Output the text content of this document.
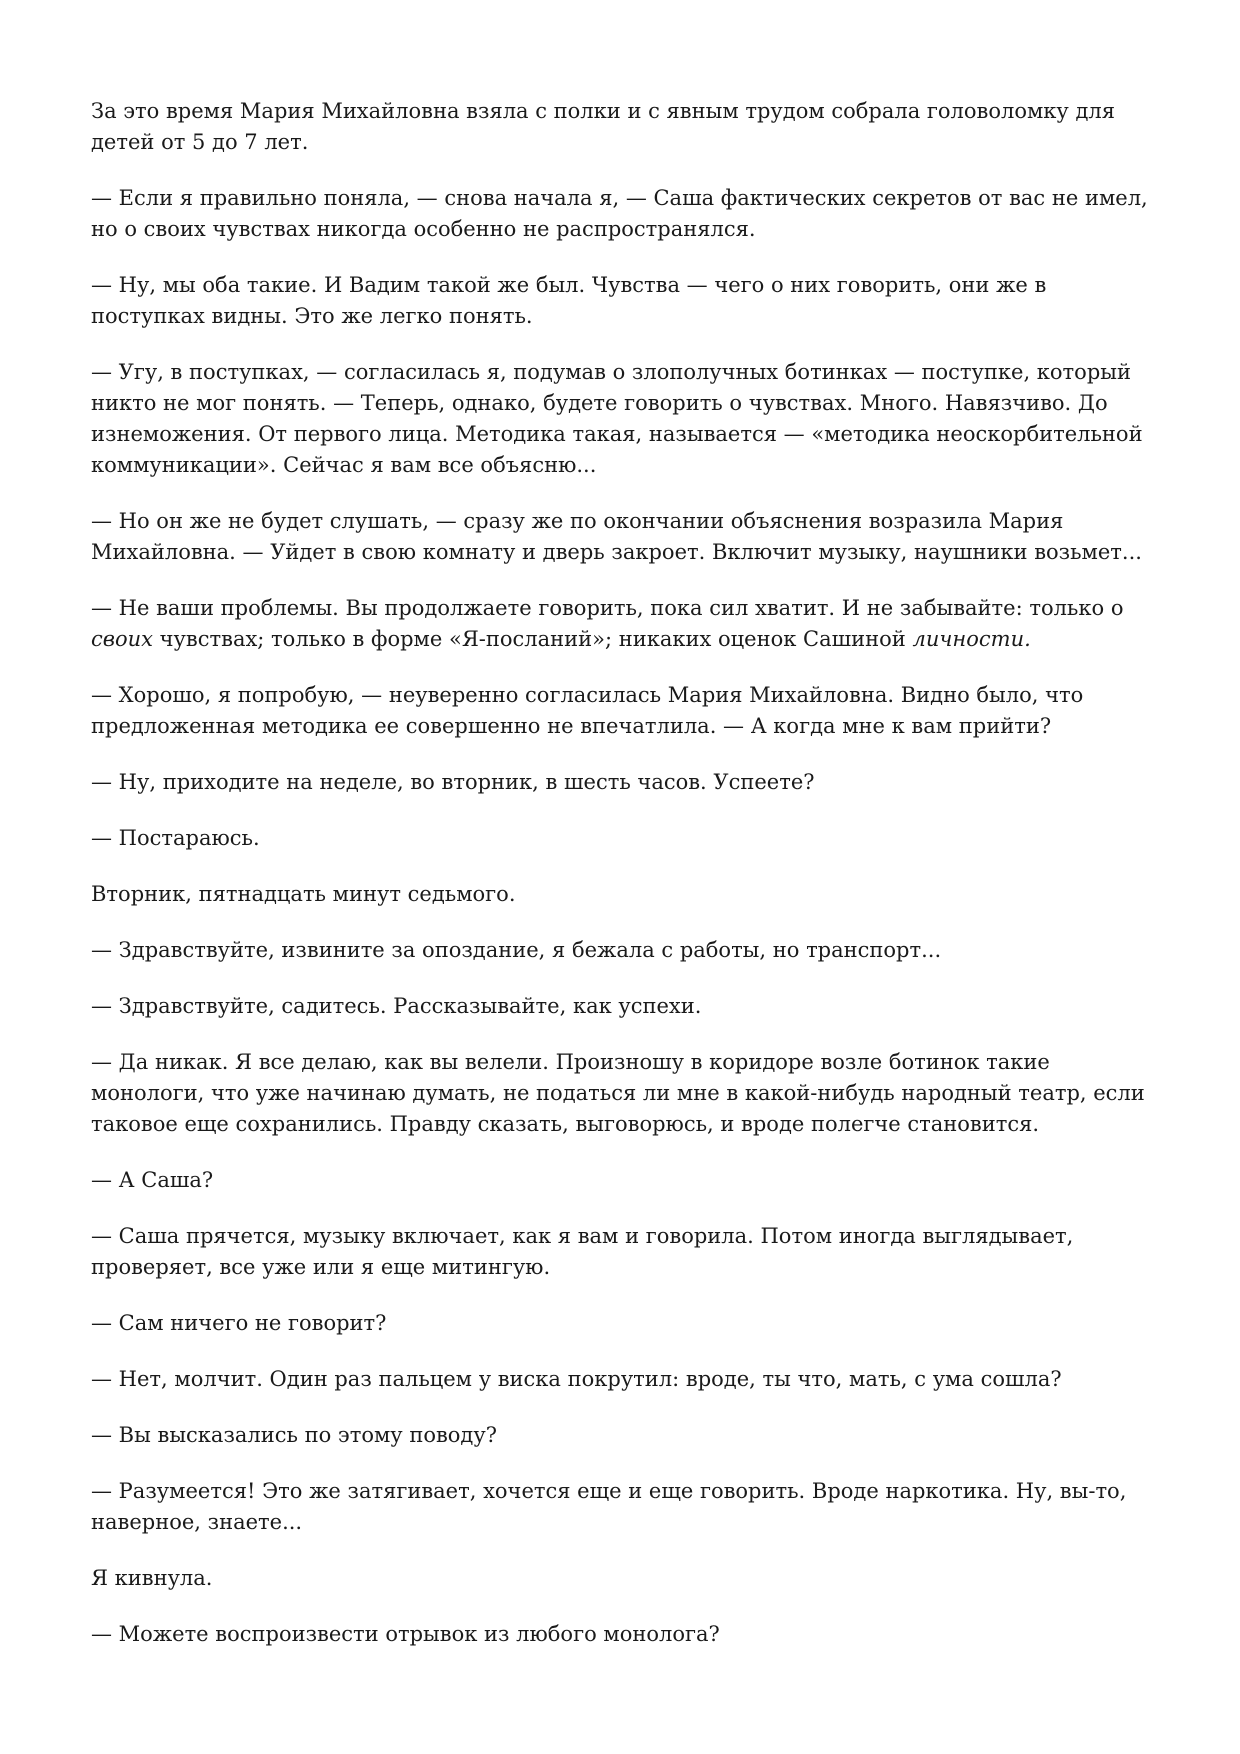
За это время Мария Михайловна взяла с полки и с явным трудом собрала головоломку для детей от 5 до 7 лет.

— Если я правильно поняла, — снова начала я, — Саша фактических секретов от вас не имел, но о своих чувствах никогда особенно не распространялся.

— Ну, мы оба такие. И Вадим такой же был. Чувства — чего о них говорить, они же в поступках видны. Это же легко понять.

— Угу, в поступках, — согласилась я, подумав о злополучных ботинках — поступке, который никто не мог понять. — Теперь, однако, будете говорить о чувствах. Много. Навязчиво. До изнеможения. От первого лица. Методика такая, называется — «методика неоскорбительной коммуникации». Сейчас я вам все объясню...

— Но он же не будет слушать, — сразу же по окончании объяснения возразила Мария Михайловна. — Уйдет в свою комнату и дверь закроет. Включит музыку, наушники возьмет...

— Не ваши проблемы. Вы продолжаете говорить, пока сил хватит. И не забывайте: только о своих чувствах; только в форме «Я-посланий»; никаких оценок Сашиной личности.

— Хорошо, я попробую, — неуверенно согласилась Мария Михайловна. Видно было, что предложенная методика ее совершенно не впечатлила. — А когда мне к вам прийти?

— Ну, приходите на неделе, во вторник, в шесть часов. Успеете?

— Постараюсь.

Вторник, пятнадцать минут седьмого.

— Здравствуйте, извините за опоздание, я бежала с работы, но транспорт...

— Здравствуйте, садитесь. Рассказывайте, как успехи.

— Да никак. Я все делаю, как вы велели. Произношу в коридоре возле ботинок такие монологи, что уже начинаю думать, не податься ли мне в какой-нибудь народный театр, если таковое еще сохранились. Правду сказать, выговорюсь, и вроде полегче становится.

— А Саша?

— Саша прячется, музыку включает, как я вам и говорила. Потом иногда выглядывает, проверяет, все уже или я еще митингую.

— Сам ничего не говорит?

— Нет, молчит. Один раз пальцем у виска покрутил: вроде, ты что, мать, с ума сошла?

— Вы высказались по этому поводу?

— Разумеется! Это же затягивает, хочется еще и еще говорить. Вроде наркотика. Ну, вы-то, наверное, знаете...

Я кивнула.

— Можете воспроизвести отрывок из любого монолога?
